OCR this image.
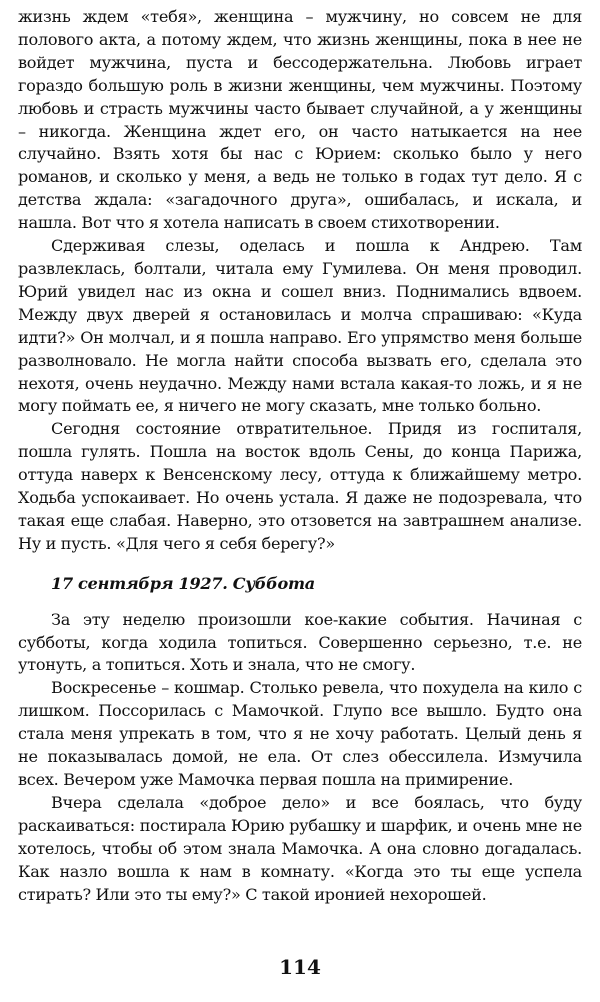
жизнь ждем «тебя», женщина – мужчину, но совсем не для полового акта, а потому ждем, что жизнь женщины, пока в нее не войдет мужчина, пуста и бессодержательна. Любовь играет гораздо большую роль в жизни женщины, чем мужчины. Поэтому любовь и страсть мужчины часто бывает случайной, а у женщины – никогда. Женщина ждет его, он часто натыкается на нее случайно. Взять хотя бы нас с Юрием: сколько было у него романов, и сколько у меня, а ведь не только в годах тут дело. Я с детства ждала: «загадочного друга», ошибалась, и искала, и нашла. Вот что я хотела написать в своем стихотворении.

Сдерживая слезы, оделась и пошла к Андрею. Там развлеклась, болтали, читала ему Гумилева. Он меня проводил. Юрий увидел нас из окна и сошел вниз. Поднимались вдвоем. Между двух дверей я остановилась и молча спрашиваю: «Куда идти?» Он молчал, и я пошла направо. Его упрямство меня больше разволновало. Не могла найти способа вызвать его, сделала это нехотя, очень неудачно. Между нами встала какая-то ложь, и я не могу поймать ее, я ничего не могу сказать, мне только больно.

Сегодня состояние отвратительное. Придя из госпиталя, пошла гулять. Пошла на восток вдоль Сены, до конца Парижа, оттуда наверх к Венсенскому лесу, оттуда к ближайшему метро. Ходьба успокаивает. Но очень устала. Я даже не подозревала, что такая еще слабая. Наверно, это отзовется на завтрашнем анализе. Ну и пусть. «Для чего я себя берегу?»

17 сентября 1927. Суббота

За эту неделю произошли кое-какие события. Начиная с субботы, когда ходила топиться. Совершенно серьезно, т.е. не утонуть, а топиться. Хоть и знала, что не смогу.

Воскресенье – кошмар. Столько ревела, что похудела на кило с лишком. Поссорилась с Мамочкой. Глупо все вышло. Будто она стала меня упрекать в том, что я не хочу работать. Целый день я не показывалась домой, не ела. От слез обессилела. Измучила всех. Вечером уже Мамочка первая пошла на примирение.

Вчера сделала «доброе дело» и все боялась, что буду раскаиваться: постирала Юрию рубашку и шарфик, и очень мне не хотелось, чтобы об этом знала Мамочка. А она словно догадалась. Как назло вошла к нам в комнату. «Когда это ты еще успела стирать? Или это ты ему?» С такой иронией нехорошей.

114
